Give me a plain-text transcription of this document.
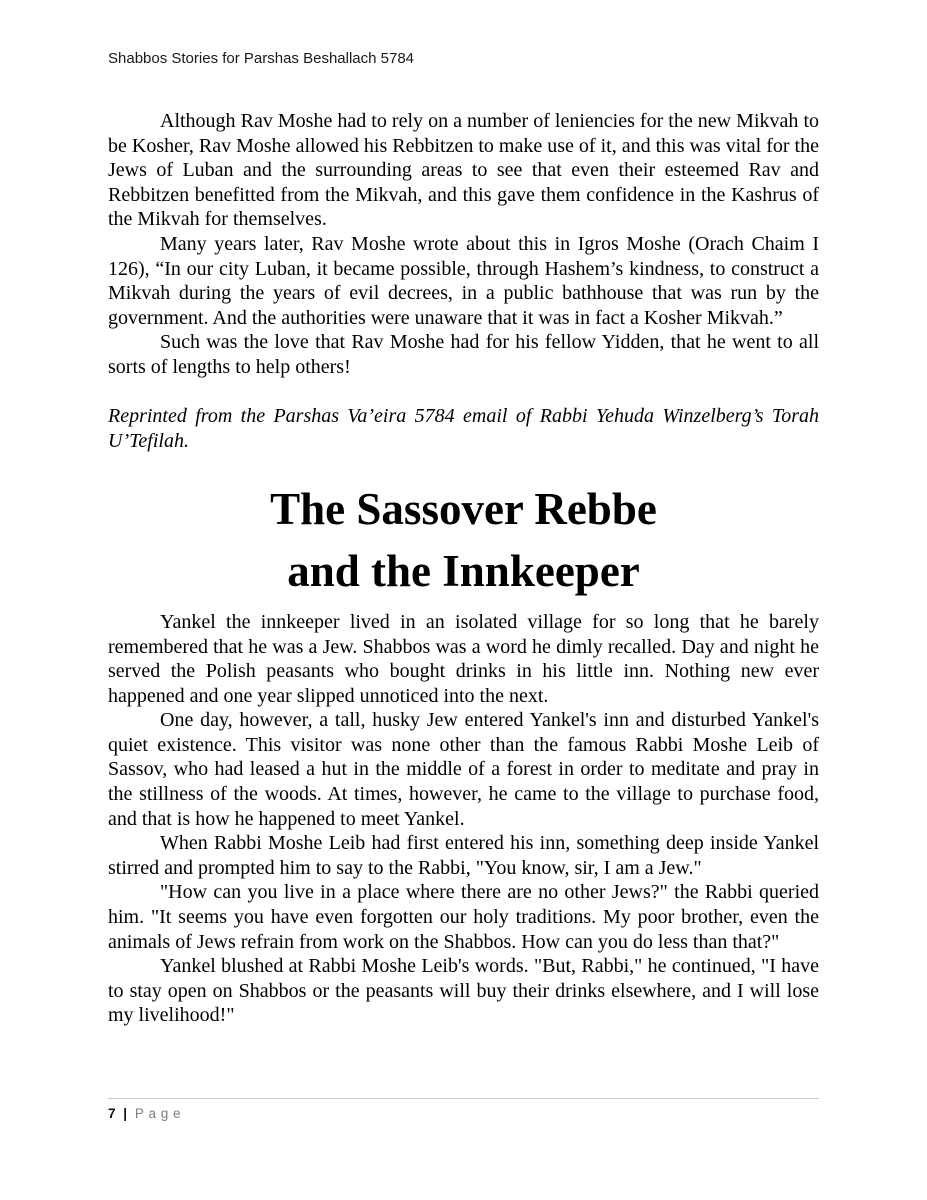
Shabbos Stories for Parshas Beshallach 5784

Although Rav Moshe had to rely on a number of leniencies for the new Mikvah to be Kosher, Rav Moshe allowed his Rebbitzen to make use of it, and this was vital for the Jews of Luban and the surrounding areas to see that even their esteemed Rav and Rebbitzen benefitted from the Mikvah, and this gave them confidence in the Kashrus of the Mikvah for themselves.

Many years later, Rav Moshe wrote about this in Igros Moshe (Orach Chaim I 126), “In our city Luban, it became possible, through Hashem’s kindness, to construct a Mikvah during the years of evil decrees, in a public bathhouse that was run by the government. And the authorities were unaware that it was in fact a Kosher Mikvah.”

Such was the love that Rav Moshe had for his fellow Yidden, that he went to all sorts of lengths to help others!

Reprinted from the Parshas Va’eira 5784 email of Rabbi Yehuda Winzelberg’s Torah U’Tefilah.

The Sassover Rebbe
and the Innkeeper

Yankel the innkeeper lived in an isolated village for so long that he barely remembered that he was a Jew. Shabbos was a word he dimly recalled. Day and night he served the Polish peasants who bought drinks in his little inn. Nothing new ever happened and one year slipped unnoticed into the next.

One day, however, a tall, husky Jew entered Yankel's inn and disturbed Yankel's quiet existence. This visitor was none other than the famous Rabbi Moshe Leib of Sassov, who had leased a hut in the middle of a forest in order to meditate and pray in the stillness of the woods. At times, however, he came to the village to purchase food, and that is how he happened to meet Yankel.

When Rabbi Moshe Leib had first entered his inn, something deep inside Yankel stirred and prompted him to say to the Rabbi, "You know, sir, I am a Jew."

"How can you live in a place where there are no other Jews?" the Rabbi queried him. "It seems you have even forgotten our holy traditions. My poor brother, even the animals of Jews refrain from work on the Shabbos. How can you do less than that?"

Yankel blushed at Rabbi Moshe Leib's words. "But, Rabbi," he continued, "I have to stay open on Shabbos or the peasants will buy their drinks elsewhere, and I will lose my livelihood!"

7 | Page
